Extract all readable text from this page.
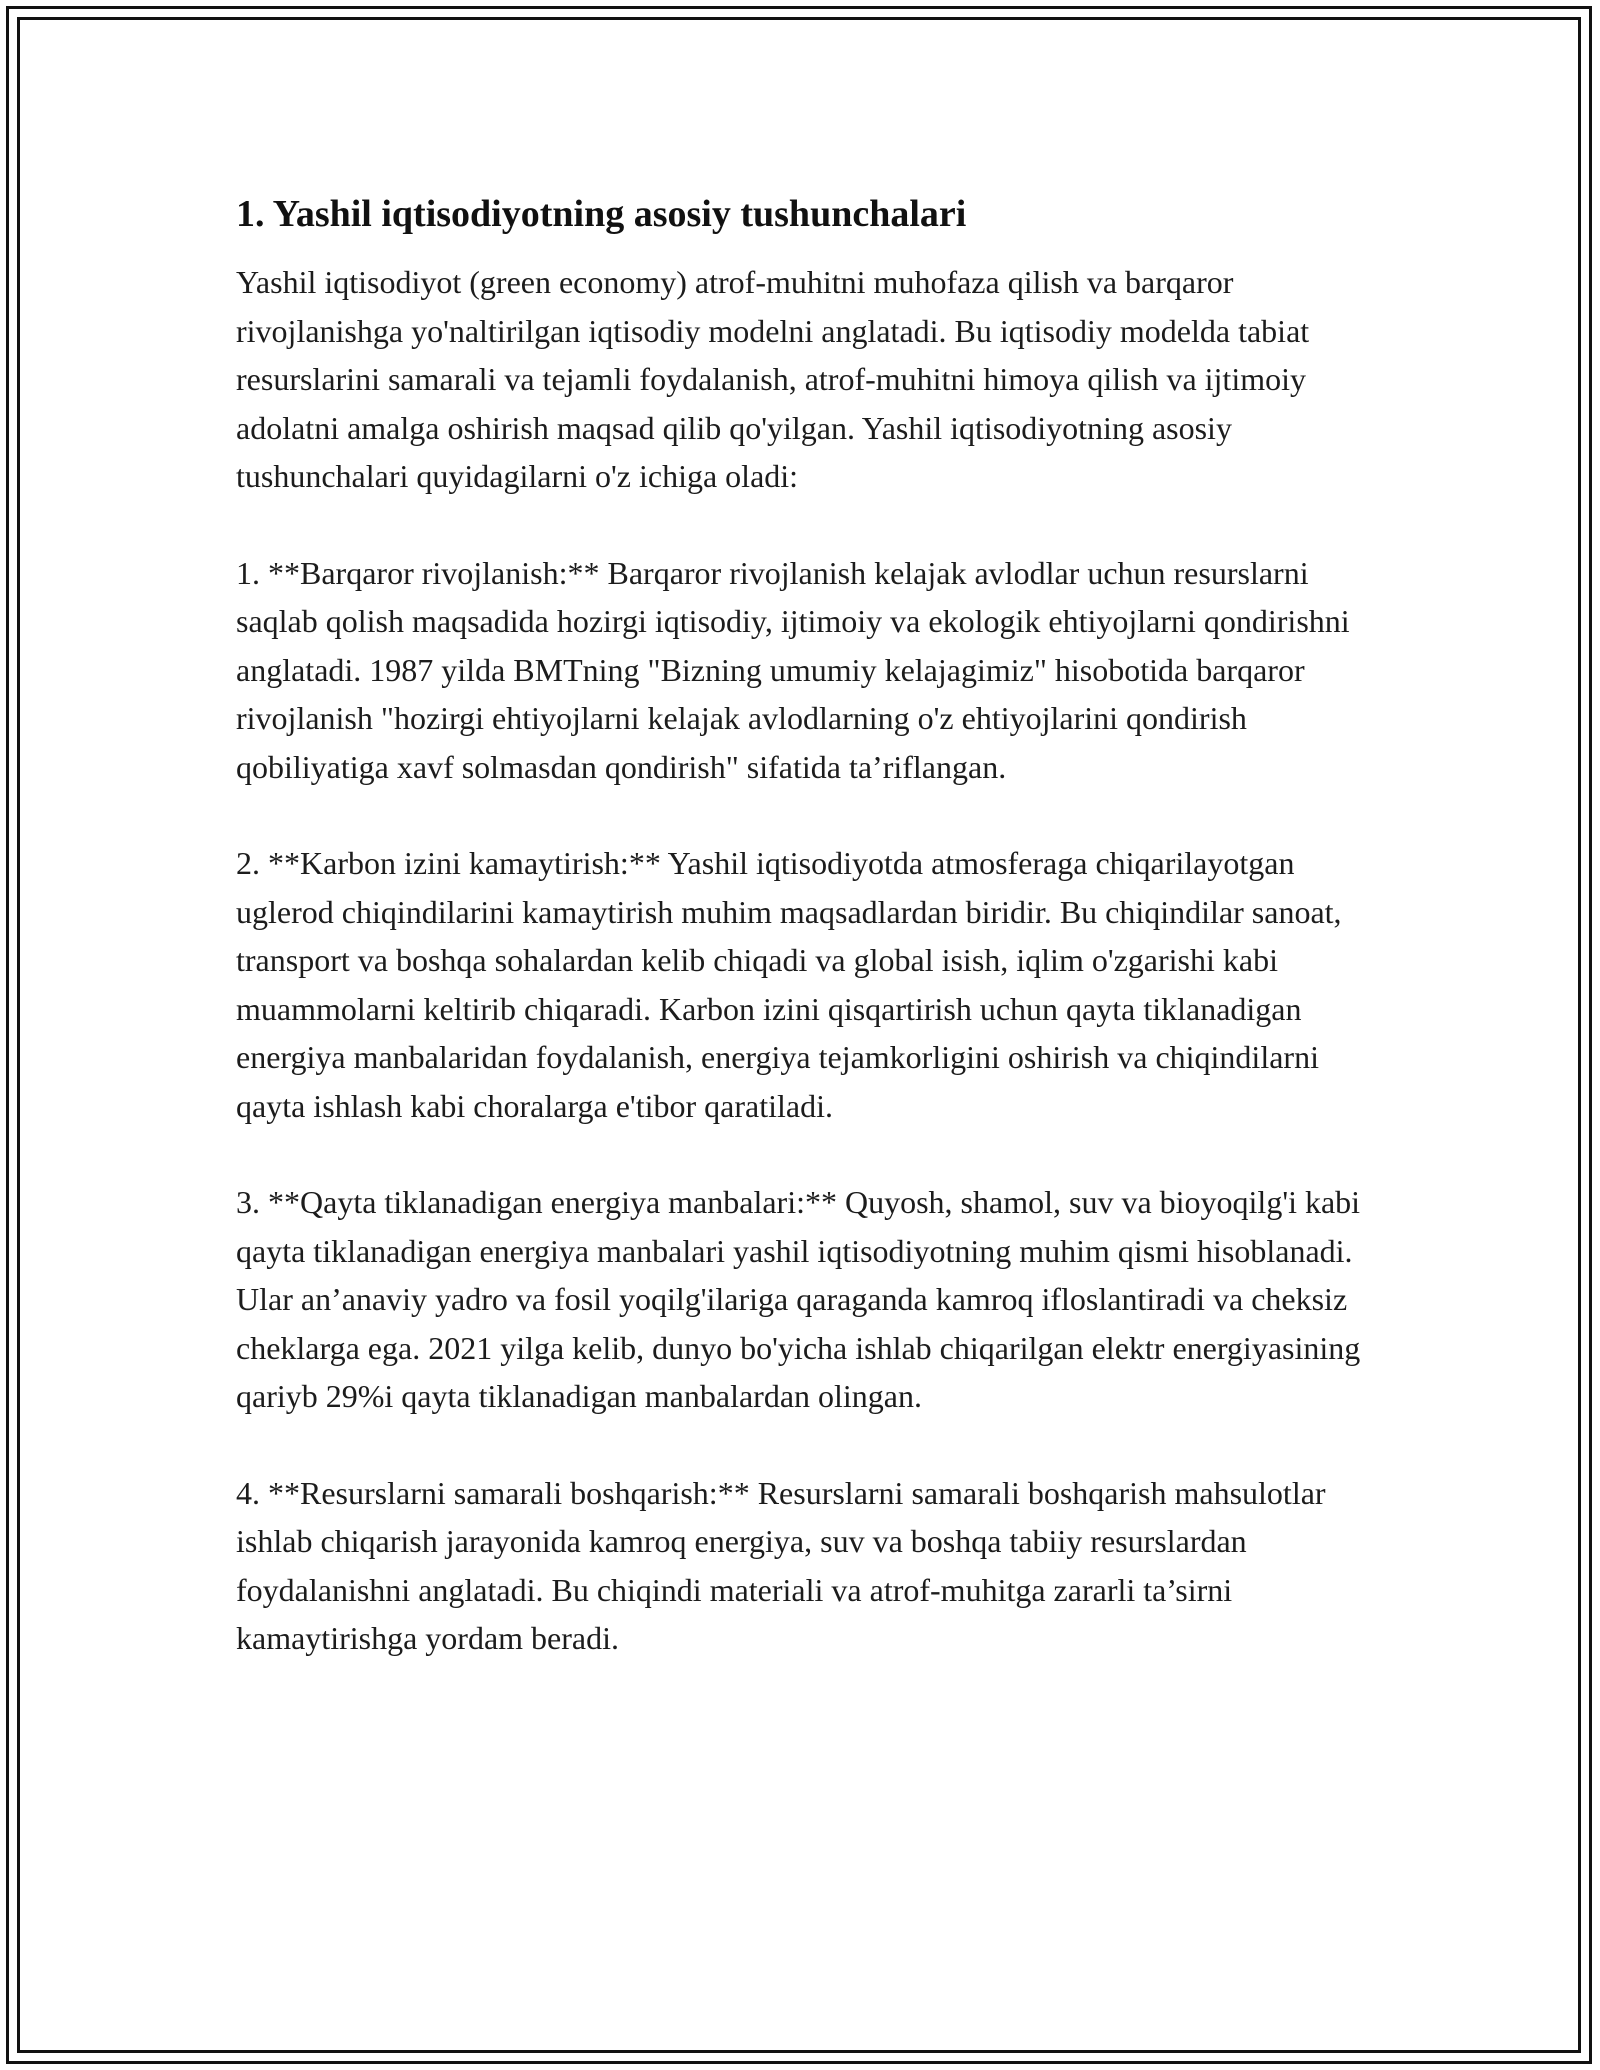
1. Yashil iqtisodiyotning asosiy tushunchalari

Yashil iqtisodiyot (green economy) atrof-muhitni muhofaza qilish va barqaror rivojlanishga yo'naltirilgan iqtisodiy modelni anglatadi. Bu iqtisodiy modelda tabiat resurslarini samarali va tejamli foydalanish, atrof-muhitni himoya qilish va ijtimoiy adolatni amalga oshirish maqsad qilib qo'yilgan. Yashil iqtisodiyotning asosiy tushunchalari quyidagilarni o'z ichiga oladi:

1. **Barqaror rivojlanish:** Barqaror rivojlanish kelajak avlodlar uchun resurslarni saqlab qolish maqsadida hozirgi iqtisodiy, ijtimoiy va ekologik ehtiyojlarni qondirishni anglatadi. 1987 yilda BMTning "Bizning umumiy kelajagimiz" hisobotida barqaror rivojlanish "hozirgi ehtiyojlarni kelajak avlodlarning o'z ehtiyojlarini qondirish qobiliyatiga xavf solmasdan qondirish" sifatida ta’riflangan.

2. **Karbon izini kamaytirish:** Yashil iqtisodiyotda atmosferaga chiqarilayotgan uglerod chiqindilarini kamaytirish muhim maqsadlardan biridir. Bu chiqindilar sanoat, transport va boshqa sohalardan kelib chiqadi va global isish, iqlim o'zgarishi kabi muammolarni keltirib chiqaradi. Karbon izini qisqartirish uchun qayta tiklanadigan energiya manbalaridan foydalanish, energiya tejamkorligini oshirish va chiqindilarni qayta ishlash kabi choralarga e'tibor qaratiladi.

3. **Qayta tiklanadigan energiya manbalari:** Quyosh, shamol, suv va bioyoqilg'i kabi qayta tiklanadigan energiya manbalari yashil iqtisodiyotning muhim qismi hisoblanadi. Ular an’anaviy yadro va fosil yoqilg'ilariga qaraganda kamroq ifloslantiradi va cheksiz cheklarga ega. 2021 yilga kelib, dunyo bo'yicha ishlab chiqarilgan elektr energiyasining qariyb 29%i qayta tiklanadigan manbalardan olingan.

4. **Resurslarni samarali boshqarish:** Resurslarni samarali boshqarish mahsulotlar ishlab chiqarish jarayonida kamroq energiya, suv va boshqa tabiiy resurslardan foydalanishni anglatadi. Bu chiqindi materiali va atrof-muhitga zararli ta’sirni kamaytirishga yordam beradi.
